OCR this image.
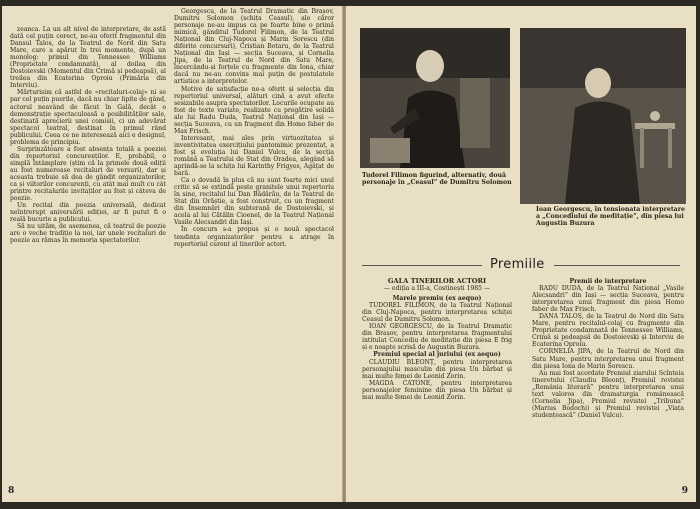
zeanca. La un alt nivel de interpretare, de astă dată cel puțin corect, ne-au oferit fragmentul din Dansul Talos, de la Teatrul de Nord din Satu Mare, care a apărut în trei momente, după un monolog: primul din Tennessee Williams (Proprietate condamnată), al doilea din Dostoievski (Momentul din Crimă și pedeapsă), al treilea din Ecaterina Oproiu (Primăria din Interviu).

Mărturisim că astfel de «recitaluri-colaj» ni se par cel puțin puerile, dacă nu chiar lipite de gând, actorul neavând de făcut în Gală, decât o demonstrație spectaculoasă a posibilităților sale, destinată aprecierii unei comisii, ci un adevărat spectacol teatral, destinat în primul rând publicului. Ceea ce ne interesează aici e designul, problema de principiu.

Surprinzătoare a fost absența totală a poeziei din repertoriul concurenților. E, probabil, o simplă întâmplare (știm că la primele două ediții au fost numeroase recitaluri de versuri), dar și aceasta trebuie să dea de gândit organizatorilor, ca și viitorilor concurenți, cu atât mai mult cu cât printre recitalurile invitaților au fost și câteva de poezie.

Un recital din poezia universală, dedicat neîntrerupt aniversării ediției, ar fi putut fi o reală bucurie a publicului.

Să nu uităm, de asemenea, că teatrul de poezie are o veche tradiție la noi, iar unele recitaluri de poezie au rămas în memoria spectatorilor.

Georgescu, de la Teatrul Dramatic din Brașov, Dumitru Solomon (schița Ceasul), ale căror personaje ne-au impus ca pe foarte bine o primă mimică, gânditul Tudorel Filimon, de la Teatrul Național din Cluj-Napoca și Marin Sorescu (din diferite concursuri), Cristian Botaru, de la Teatrul Național din Iași — secția Suceava, și Cornelia Jipa, de la Teatrul de Nord din Satu Mare, încercându-și forțele cu fragmente din Iona, chiar dacă nu ne-au convins mai puțin de postulatele artistice a interpretelor.

Motive de satisfacție ne-a oferit și selecția din repertoriul universal, alături cină a avut efecte sesizabile asupra spectatorilor. Locurile ocupate au fost de texte variate, realizate cu pregătire solidă ale lui Radu Duda, Teatrul Național din Iași — secția Suceava, cu un fragment din Homo faber de Max Frisch.

Interesant, mai ales prin virtuozitatea și inventivitatea exercițiului pantomimic prezentat, a fost și evoluția lui Daniel Vulcu, de la secția română a Teatrului de Stat din Oradea, alegând să aprindă-se la schița lui Karinthy Frigyes, Agâțat de bară.

Ca o dovadă în plus că nu sunt foarte mici unul critic să se extindă peste granițele unui repertoriu în sine, recitalul lui Dan Bădărău, de la Teatrul de Stat din Orăștie, a fost construit, cu un fragment din Însemnări din subterană de Dostoievski, și acela al lui Cătălin Cioenel, de la Teatrul Național Vasile Alecsandri din Iași.

În concurs s-a propus și o nouă spectacol tendința organizatorilor pentru a atrage în repertoriul curent al tinerilor actori.

8
Tudorel Filimon figurind, alternativ, două personaje în „Ceasul” de Dumitru Solomon
Ioan Georgescu, în tensionata interpretare a „Concediului de meditație”, din piesa lui Augustin Buzura
Premiile

GALA TINERILOR ACTORI

— ediția a III-a, Costinești 1985 —

Marele premiu (ex aequo)

TUDOREL FILIMON, de la Teatrul Național din Cluj-Napoca, pentru interpretarea schiței Ceasul de Dumitru Solomon.

IOAN GEORGESCU, de la Teatrul Dramatic din Brașov, pentru interpretarea fragmentului intitulat Concediu de meditație din piesa E frig și e noapte scrisă de Augustin Buzura.

Premiul special al juriului (ex aequo)

CLAUDIU BLEONȚ, pentru interpretarea personajului masculin din piesa Un bărbat și mai multe femei de Leonid Zorin.

MAGDA CATONE, pentru interpretarea personajelor feminine din piesa Un bărbat și mai multe femei de Leonid Zorin.

Premii de interpretare

RADU DUDA, de la Teatrul Național „Vasile Alecsandri” din Iași — secția Suceava, pentru interpretarea unui fragment din piesa Homo faber de Max Frisch.

DANA TALOȘ, de la Teatrul de Nord din Satu Mare, pentru recitalul-colaj cu fragmente din Proprietate condamnată de Tennessee Williams, Crimă și pedeapsă de Dostoievski și Interviu de Ecaterina Oproiu.

CORNELIA JIPA, de la Teatrul de Nord din Satu Mare, pentru interpretarea unui fragment din piesa Iona de Marin Sorescu.

Au mai fost acordate Premiul ziarului Scînteia tineretului (Claudiu Bleonț), Premiul revistei „România literară” pentru interpretarea unui text valoros din dramaturgia românească (Cornelia Jipa), Premiul revistei „Tribuna” (Marius Bodochi) și Premiul revistei „Viața studențească” (Daniel Vulcu).

9
